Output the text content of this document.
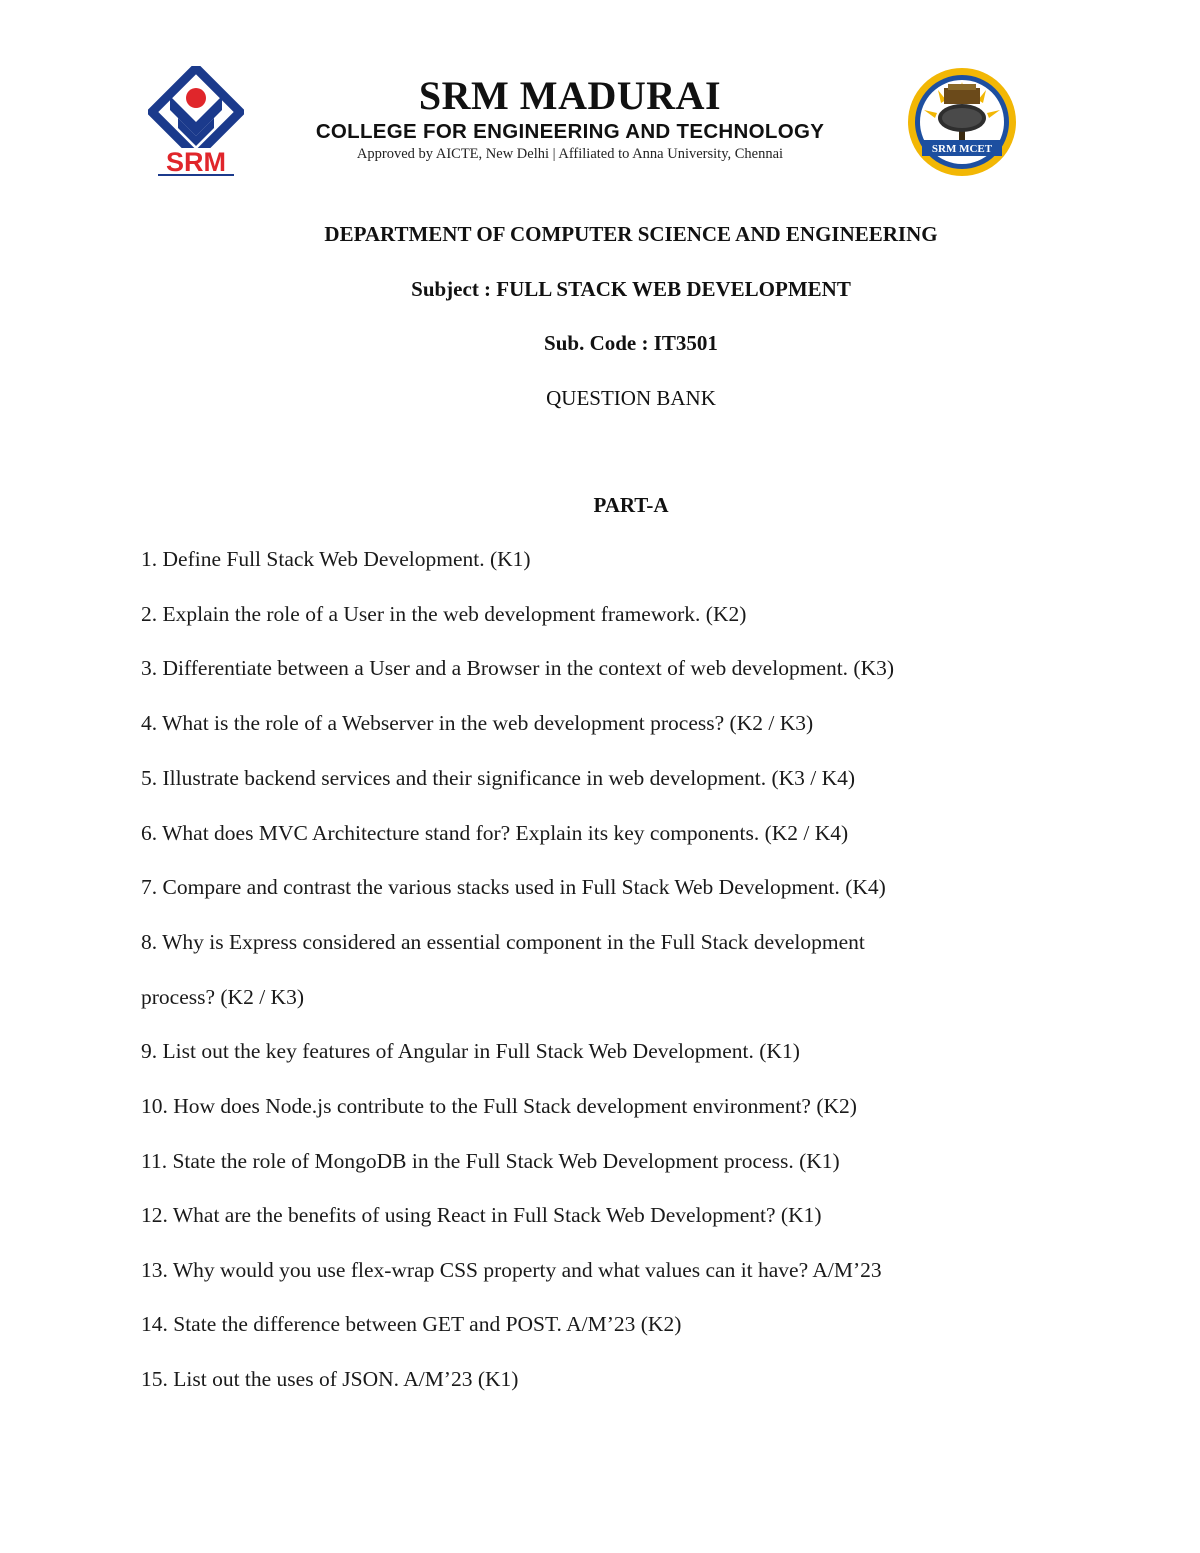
SRM
SRM MADURAI
COLLEGE FOR ENGINEERING AND TECHNOLOGY
Approved by AICTE, New Delhi | Affiliated to Anna University, Chennai	SRM MCET
DEPARTMENT OF COMPUTER SCIENCE AND ENGINEERING
Subject : FULL STACK WEB DEVELOPMENT
Sub. Code : IT3501
QUESTION BANK
PART-A
1. Define Full Stack Web Development. (K1)
2. Explain the role of a User in the web development framework. (K2)
3. Differentiate between a User and a Browser in the context of web development. (K3)
4. What is the role of a Webserver in the web development process? (K2 / K3)
5. Illustrate backend services and their significance in web development. (K3 / K4)
6. What does MVC Architecture stand for? Explain its key components. (K2 / K4)
7. Compare and contrast the various stacks used in Full Stack Web Development. (K4)
8. Why is Express considered an essential component in the Full Stack development
process? (K2 / K3)
9. List out the key features of Angular in Full Stack Web Development. (K1)
10. How does Node.js contribute to the Full Stack development environment? (K2)
11. State the role of MongoDB in the Full Stack Web Development process. (K1)
12. What are the benefits of using React in Full Stack Web Development? (K1)
13. Why would you use flex-wrap CSS property and what values can it have? A/M’23
14. State the difference between GET and POST. A/M’23 (K2)
15. List out the uses of JSON. A/M’23 (K1)
